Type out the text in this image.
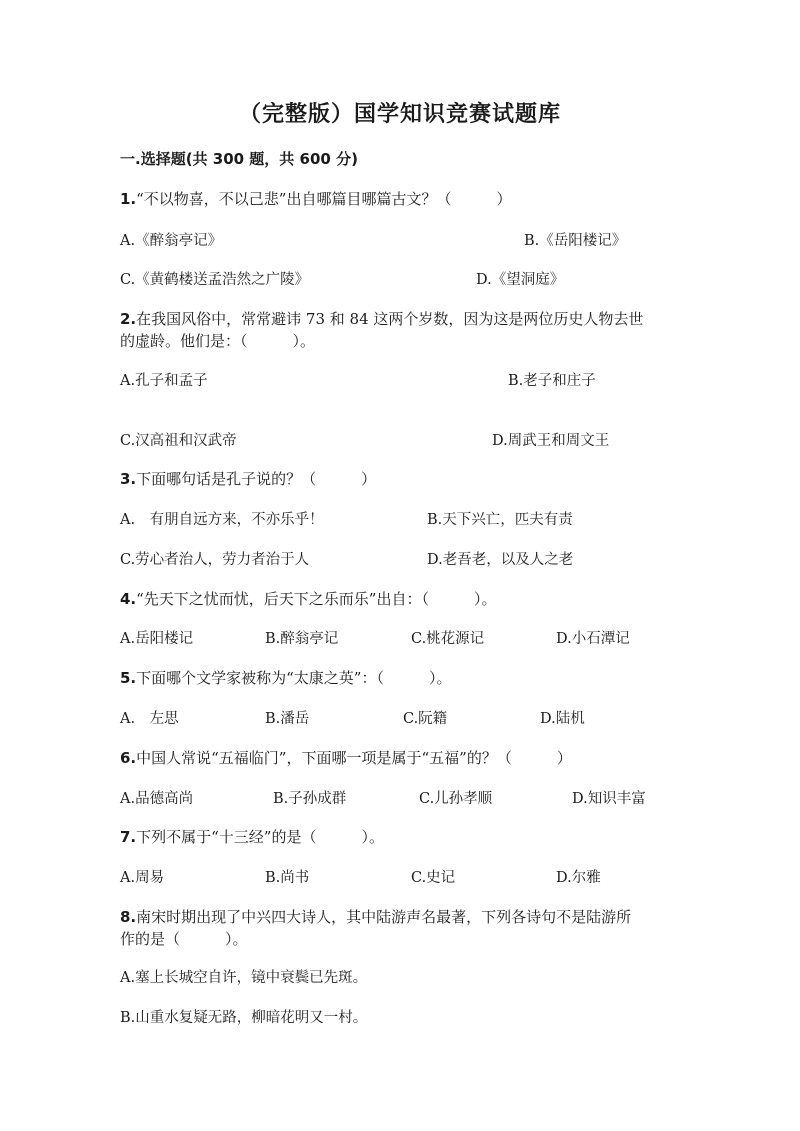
（完整版）国学知识竞赛试题库
一.选择题(共 300 题，共 600 分)
1.“不以物喜，不以己悲”出自哪篇目哪篇古文？（　　　）
A.《醉翁亭记》	B.《岳阳楼记》
C.《黄鹤楼送孟浩然之广陵》	D.《望洞庭》
2.在我国风俗中，常常避讳 73 和 84 这两个岁数，因为这是两位历史人物去世
的虚龄。他们是：（　　　）。
A.孔子和孟子	B.老子和庄子
C.汉高祖和汉武帝	D.周武王和周文王
3.下面哪句话是孔子说的？（　　　）
A.　有朋自远方来，不亦乐乎！	B.天下兴亡，匹夫有责
C.劳心者治人，劳力者治于人	D.老吾老，以及人之老
4.“先天下之忧而忧，后天下之乐而乐”出自：（　　　）。
A.岳阳楼记	B.醉翁亭记	C.桃花源记	D.小石潭记
5.下面哪个文学家被称为“太康之英”：（　　　）。
A.　左思	B.潘岳	C.阮籍	D.陆机
6.中国人常说“五福临门”，下面哪一项是属于“五福”的？（　　　）
A.品德高尚	B.子孙成群	C.儿孙孝顺	D.知识丰富
7.下列不属于“十三经”的是（　　　）。
A.周易	B.尚书	C.史记	D.尔雅
8.南宋时期出现了中兴四大诗人，其中陆游声名最著，下列各诗句不是陆游所
作的是（　　　）。
A.塞上长城空自许，镜中衰鬓已先斑。
B.山重水复疑无路，柳暗花明又一村。
